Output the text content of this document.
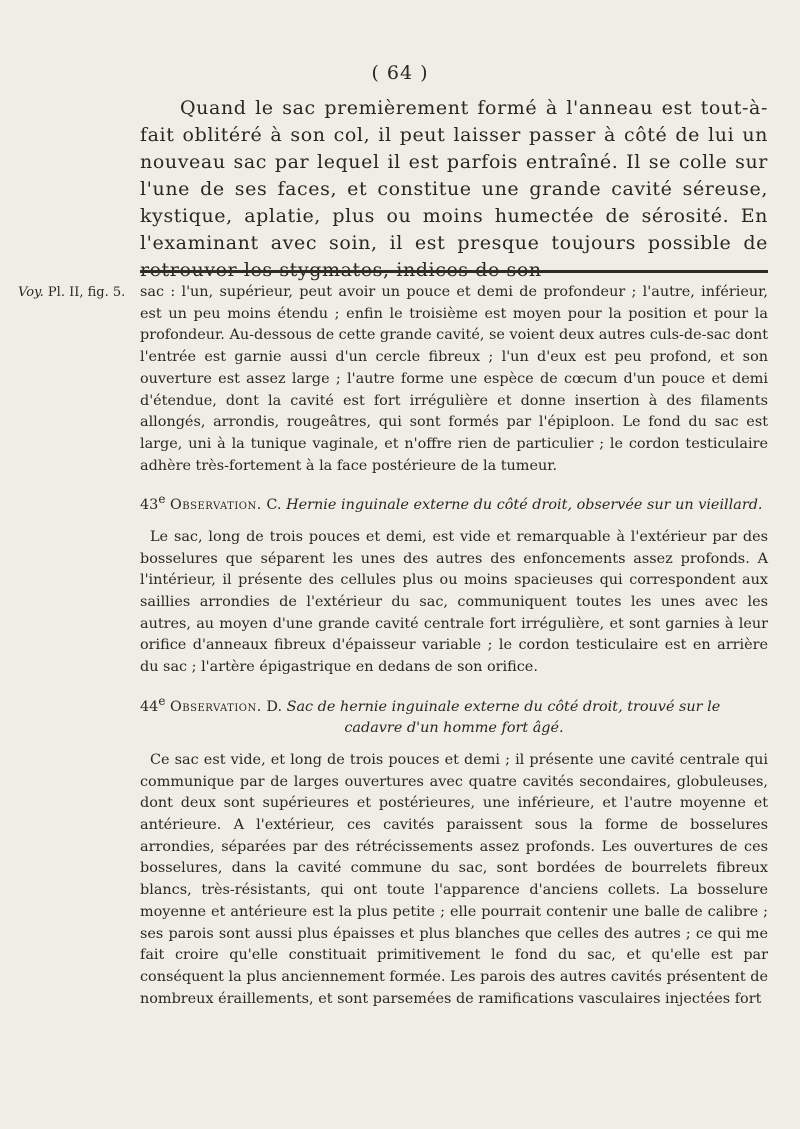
( 64 )

Quand le sac premièrement formé à l'anneau est tout-à-fait oblitéré à son col, il peut laisser passer à côté de lui un nouveau sac par lequel il est parfois entraîné. Il se colle sur l'une de ses faces, et constitue une grande cavité séreuse, kystique, aplatie, plus ou moins humectée de sérosité. En l'examinant avec soin, il est presque toujours possible de

Voy. Pl. II, fig. 5. sac : l'un, supérieur, peut avoir un pouce et demi de profondeur ; l'autre, inférieur, est un peu moins étendu ; enfin le troisième est moyen pour la position et pour la profondeur. Au-dessous de cette grande cavité, se voient deux autres culs-de-sac dont l'entrée est garnie aussi d'un cercle fibreux ; l'un d'eux est peu profond, et son ouverture est assez large ; l'autre forme une espèce de cœcum d'un pouce et demi d'étendue, dont la cavité est fort irrégulière et donne insertion à des filaments allongés, arrondis, rougeâtres, qui sont formés par l'épiploon. Le fond du sac est large, uni à la tunique vaginale, et n'offre rien de particulier ; le cordon testiculaire adhère très-fortement à la face postérieure de la tumeur.

43e Observation. C. Hernie inguinale externe du côté droit, observée sur un vieillard.

Le sac, long de trois pouces et demi, est vide et remarquable à l'extérieur par des bosselures que séparent les unes des autres des enfoncements assez profonds. A l'intérieur, il présente des cellules plus ou moins spacieuses qui correspondent aux saillies arrondies de l'extérieur du sac, communiquent toutes les unes avec les autres, au moyen d'une grande cavité centrale fort irrégulière, et sont garnies à leur orifice d'anneaux fibreux d'épaisseur variable ; le cordon testiculaire est en arrière du sac ; l'artère épigastrique en dedans de son orifice.

44e Observation. D. Sac de hernie inguinale externe du côté droit, trouvé sur le
cadavre d'un homme fort âgé.

Ce sac est vide, et long de trois pouces et demi ; il présente une cavité centrale qui communique par de larges ouvertures avec quatre cavités secondaires, globuleuses, dont deux sont supérieures et postérieures, une inférieure, et l'autre moyenne et antérieure. A l'extérieur, ces cavités paraissent sous la forme de bosselures arrondies, séparées par des rétrécissements assez profonds. Les ouvertures de ces bosselures, dans la cavité commune du sac, sont bordées de bourrelets fibreux blancs, très-résistants, qui ont toute l'apparence d'anciens collets. La bosselure moyenne et antérieure est la plus petite ; elle pourrait contenir une balle de calibre ; ses parois sont aussi plus épaisses et plus blanches que celles des autres ; ce qui me fait croire qu'elle constituait primitivement le fond du sac, et qu'elle est par conséquent la plus anciennement formée. Les parois des autres cavités présentent de nombreux éraillements, et sont parsemées de ramifications vasculaires injectées fort
